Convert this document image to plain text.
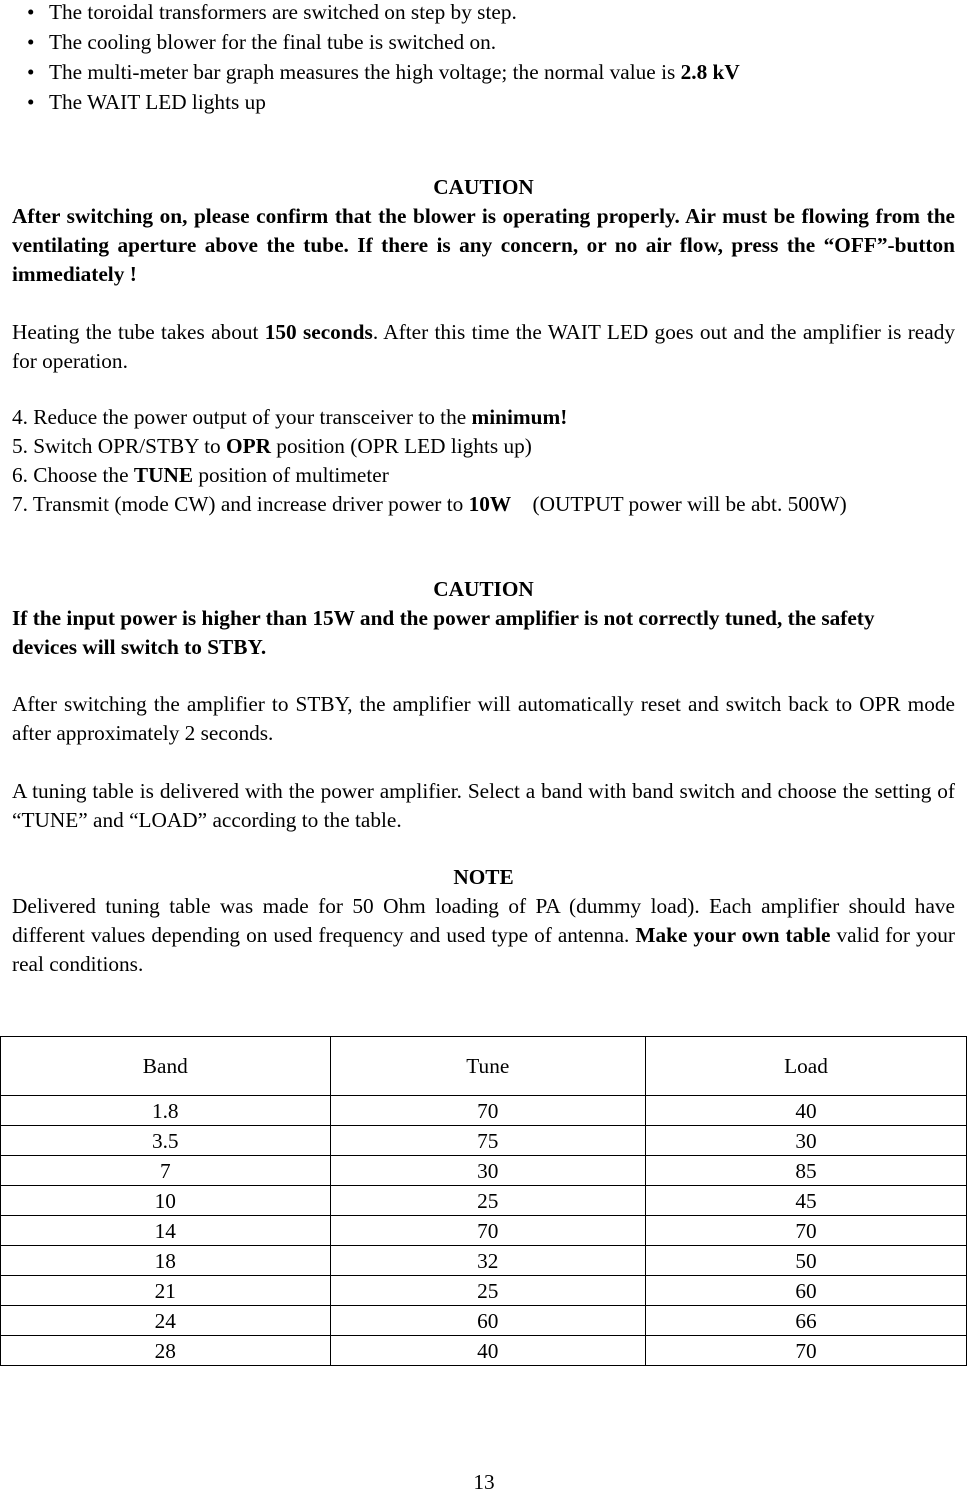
• The toroidal transformers are switched on step by step.
• The cooling blower for the final tube is switched on.
• The multi-meter bar graph measures the high voltage; the normal value is 2.8 kV
• The WAIT LED lights up
CAUTION
After switching on, please confirm that the blower is operating properly. Air must be flowing from the ventilating aperture above the tube. If there is any concern, or no air flow, press the “OFF”-button immediately !
Heating the tube takes about 150 seconds. After this time the WAIT LED goes out and the amplifier is ready for operation.
4. Reduce the power output of your transceiver to the minimum!
5. Switch OPR/STBY to OPR position (OPR LED lights up)
6. Choose the TUNE position of multimeter
7. Transmit (mode CW) and increase driver power to 10W    (OUTPUT power will be abt. 500W)
CAUTION
If the input power is higher than 15W and the power amplifier is not correctly tuned, the safety devices will switch to STBY.
After switching the amplifier to STBY, the amplifier will automatically reset and switch back to OPR mode after approximately 2 seconds.
A tuning table is delivered with the power amplifier. Select a band with band switch and choose the setting of “TUNE” and “LOAD” according to the table.
NOTE
Delivered tuning table was made for 50 Ohm loading of PA (dummy load). Each amplifier should have different values depending on used frequency and used type of antenna. Make your own table valid for your real conditions.
Band	Tune	Load
1.8	70	40
3.5	75	30
7	30	85
10	25	45
14	70	70
18	32	50
21	25	60
24	60	66
28	40	70
13
